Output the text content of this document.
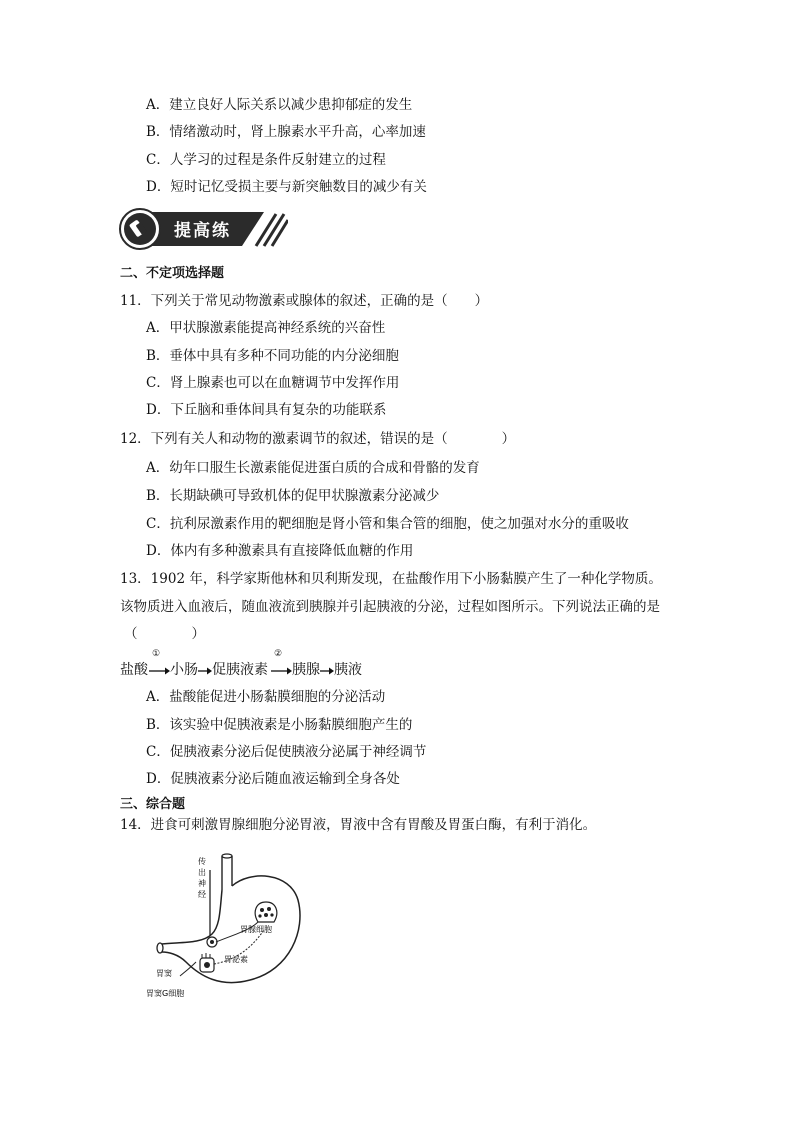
A．建立良好人际关系以减少患抑郁症的发生
B．情绪激动时，肾上腺素水平升高，心率加速
C．人学习的过程是条件反射建立的过程
D．短时记忆受损主要与新突触数目的减少有关
提高练
二、不定项选择题
11．下列关于常见动物激素或腺体的叙述，正确的是（　　）
A．甲状腺激素能提高神经系统的兴奋性
B．垂体中具有多种不同功能的内分泌细胞
C．肾上腺素也可以在血糖调节中发挥作用
D．下丘脑和垂体间具有复杂的功能联系
12．下列有关人和动物的激素调节的叙述，错误的是（　　　　）
A．幼年口服生长激素能促进蛋白质的合成和骨骼的发育
B．长期缺碘可导致机体的促甲状腺激素分泌减少
C．抗利尿激素作用的靶细胞是肾小管和集合管的细胞，使之加强对水分的重吸收
D．体内有多种激素具有直接降低血糖的作用
13．1902 年，科学家斯他林和贝利斯发现，在盐酸作用下小肠黏膜产生了一种化学物质。
该物质进入血液后，随血液流到胰腺并引起胰液的分泌，过程如图所示。下列说法正确的是
（　　　　）
盐酸
①
小肠 促胰液素
②
胰腺 胰液
A．盐酸能促进小肠黏膜细胞的分泌活动
B．该实验中促胰液素是小肠黏膜细胞产生的
C．促胰液素分泌后促使胰液分泌属于神经调节
D．促胰液素分泌后随血液运输到全身各处
三、综合题
14．进食可刺激胃腺细胞分泌胃液，胃液中含有胃酸及胃蛋白酶，有利于消化。
传
出
神
经
胃腺细胞
胃泌素
胃窦
胃窦G细胞
